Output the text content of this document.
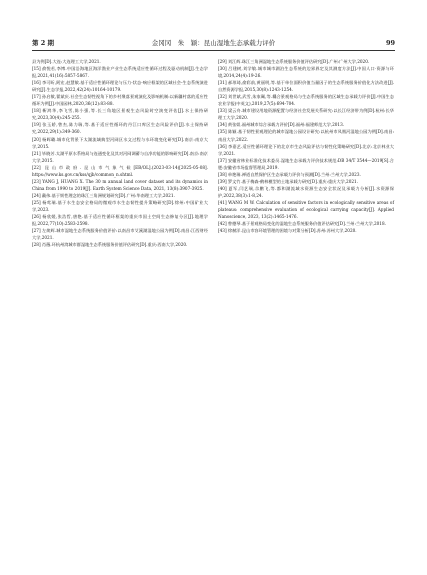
第 2 期	金冈冈　朱　颖：昆山湿地生态承载力评价	99

县为例[D].大连:大连理工大学,2021.

[15] 俞悦若,李博.中国沿海地区海洋渔业产业生态系统适应性循环过程及驱动机制[J].生态学报,2021,41(16):5857-5867.

[16] 李可昕,阿宏,赵慧敏.基于适应性循环理论与压力-状态-响应框架的区域社会-生态系统演进研究[J].生态学报,2022,42(24):10164-10179.

[17] 孙启敏,翟斌庆.社会生态韧性视角下的乡村聚落景观演化及影响机制:以新疆村落的适应性循环为例[J].中国园林,2020,36(12):83-88.

[18] 靳鸿华,李飞雪,陈小强,等.长三角地区景观生态风险时空演变评估[J].水土保持研究,2023,30(4):245-255.

[19] 张玉娇,曾杰,陈力瑞,等.基于适应性循环的丹江口库区生态风险评价[J].水土保持研究,2022,29(1):349-360.

[20] 杨晖璐.城市化背景下太湖流域典型河网区水文过程与水环境变化研究[D].南京:南京大学,2015.

[21] 毕晓芳.太湖平原水系格局与连通变化及其对河网调蓄与自净功能的影响研究[D].南京:南京大学,2015.

[22] 昆山市政府.昆山市气象气候[EB/OL].(2023-03-14)[2025-05-08]. https://www.ks.gov.cn/kss/qjb/common_n.shtml.

[23] YANG J, HUANG X. The 30 m annual land cover dataset and its dynamics in China from 1990 to 2019[J]. Earth System Science Data, 2021, 13(8):3907-3925.

[24] 戴伟.基于韧性理念的珠江三角洲规划研究[D].广州:华南理工大学,2021.

[25] 杨莺瑞.基于水生态安全格局的微观市水生态韧性提升策略研究[D].徐州:中国矿业大学,2023.

[26] 杨欣媛,张浩哲,唐艳.基于适应性循环框架的重庆市国土空间生态修复分区[J].地理学报,2022,77(10):2583-2598.

[27] 左焕辉.城市湿地生态系统服务价值评价:以南昌市艾溪湖湿地公园为例[D].南昌:江西财经大学,2021.

[28] 肖薇.环杭州湾城市群湿地生态系统服务价值评估研究[D].重庆:西南大学,2020.

[29] 刘江辉.珠江三角洲湿地生态系统服务价值评估研究[D].广州:广州大学,2020.

[30] 吕建树,刘学敏.城市城市湖泊生态系统的边界界定及其测度方法[J].中国人口·资源与环境,2014,24(4):19-26.

[31] 郝琼琦,俞彩前,黄丽明,等.基于单位面积价值当量因子的生态系统服务价值化方法改进[J].自然资源学报,2015,30(8):1243-1254.

[32] 刘世斌,武雪,朱家珮,等.耦合景观格局与生态系统服务的区域生态承载力评价[J].中国生态农业学报(中英文),2019,27(5):694-704.

[33] 梁云舟.城市建设用地资源配置与经济社会发展关系研究:以长江经济带为例[D].杭州:长华理工大学,2020.

[34] 黄张娱.福州城市综合承载力评价[D].福州:福建师范大学,2013.

[35] 陈颖.基于韧性景观理论的城市湿地公园设计研究:以杭州市凤凰河湿地公园为例[D].南昌:南昌大学,2022.

[36] 李嘉艺.适应性循环理论下的北京市生态风险评估与韧性化策略研究[D].北京:北京林业大学,2021.

[37] 安徽省林业标准化技术委员.湿地生态承载力评价技术规范:DB 34/T 3544—2019[S].合肥:安徽省市场监督管理局,2019.

[38] 单艳瑞.禅道自然保护区生态承载力评价与预测[D].兰州:兰州大学,2023.

[39] 罗文竹.基于梅森-鹤林模型的土地承载力研究[D].重庆:重庆大学,2021.

[40] 夏军,闫艺瑞,佘鹏飞,等.都和湖流域水资源生态安全状况及承载力分析[J].水资源保护,2022,38(3):1-8,24.

[41] WANG M W. Calculation of sensitive factors in ecologically sensitive areas of plateaus: comprehensive evaluation of ecological carrying capacity[J]. Applied Nanoscience, 2023, 13(2):1465-1476.

[42] 曾德琴.基于景观格局变化的湿地生态系统服务价值评估研究[D].兰州:兰州大学,2018.

[43] 徐赫洋.昆山市容环境管理的困境与对策分析[D].苏州:苏州大学,2020.
